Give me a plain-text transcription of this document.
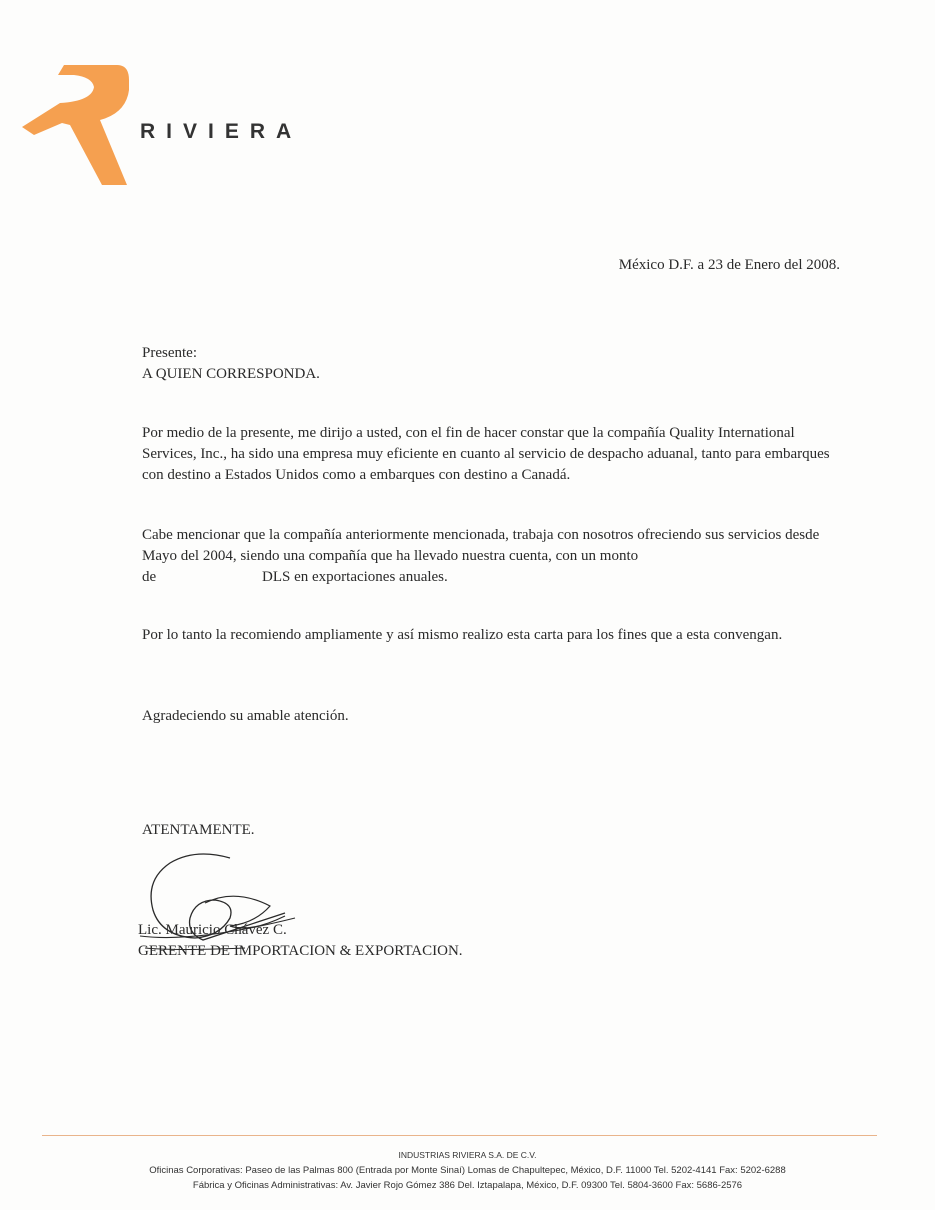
RIVIERA
México D.F. a 23 de Enero del 2008.

Presente:

A QUIEN CORRESPONDA.

Por medio de la presente, me dirijo a usted, con el fin de hacer constar que la compañía Quality International Services, Inc., ha sido una empresa muy eficiente en cuanto al servicio de despacho aduanal, tanto para embarques con destino a Estados Unidos como a embarques con destino a Canadá.

Cabe mencionar que la compañía anteriormente mencionada, trabaja con nosotros ofreciendo sus servicios desde Mayo del 2004, siendo una compañía que ha llevado nuestra cuenta, con un monto
de	DLS en exportaciones anuales.

Por lo tanto la recomiendo ampliamente y así mismo realizo esta carta para los fines que a esta convengan.

Agradeciendo su amable atención.

ATENTAMENTE.

Lic. Mauricio Chávez C.
GERENTE DE IMPORTACION & EXPORTACION.
INDUSTRIAS RIVIERA S.A. DE C.V.
Oficinas Corporativas: Paseo de las Palmas 800 (Entrada por Monte Sinaí) Lomas de Chapultepec, México, D.F. 11000 Tel. 5202-4141 Fax: 5202-6288
Fábrica y Oficinas Administrativas: Av. Javier Rojo Gómez 386 Del. Iztapalapa, México, D.F. 09300 Tel. 5804-3600 Fax: 5686-2576
